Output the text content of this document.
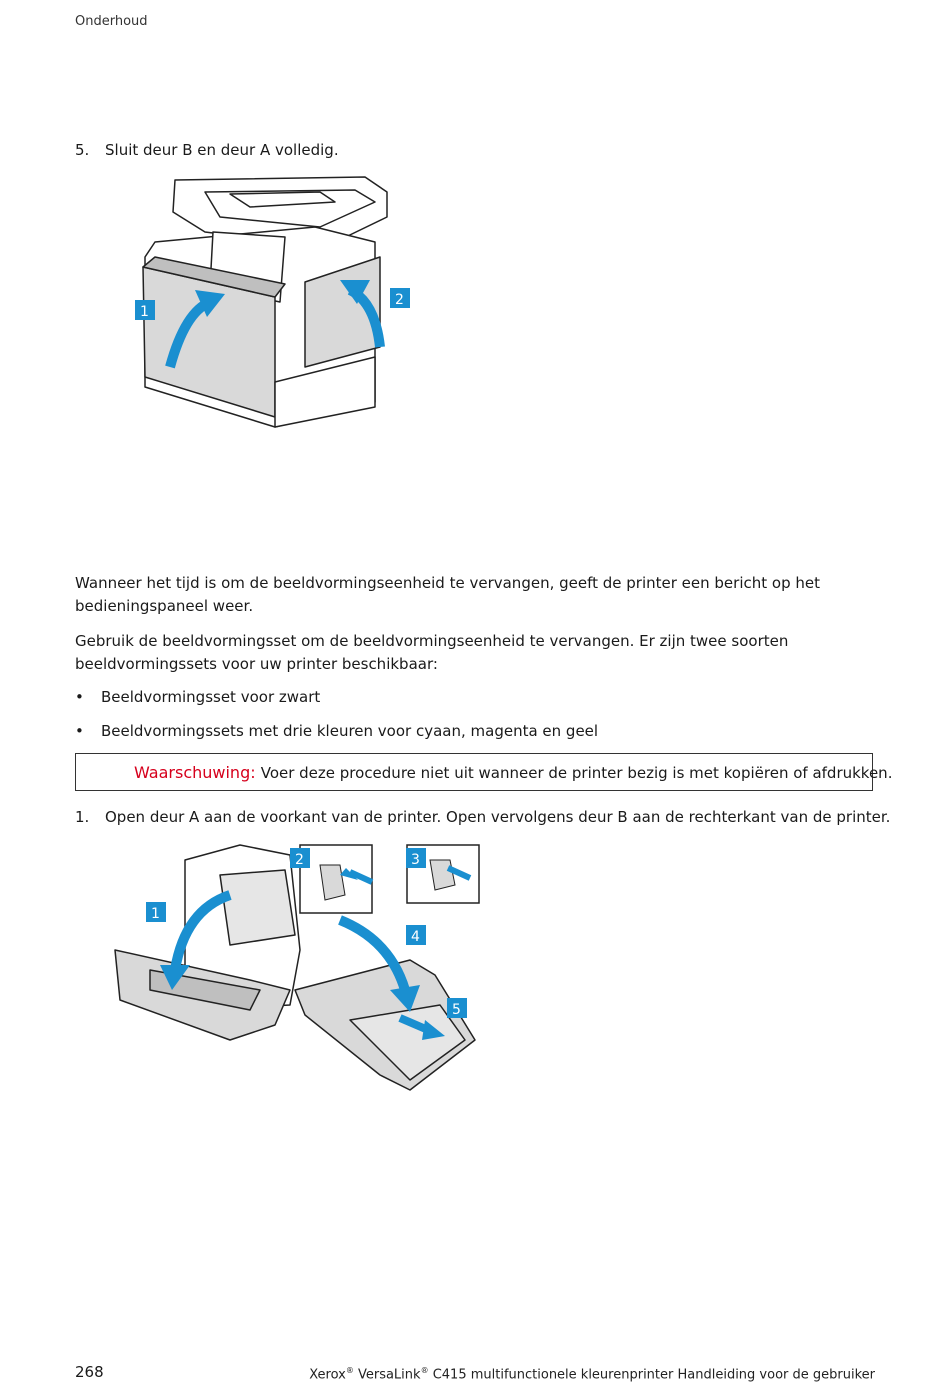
Onderhoud
5. Sluit deur B en deur A volledig.
1
2
Wanneer het tijd is om de beeldvormingseenheid te vervangen, geeft de printer een bericht op het bedieningspaneel weer.
Gebruik de beeldvormingsset om de beeldvormingseenheid te vervangen. Er zijn twee soorten beeldvormingssets voor uw printer beschikbaar:
• Beeldvormingsset voor zwart
• Beeldvormingssets met drie kleuren voor cyaan, magenta en geel
Waarschuwing: Voer deze procedure niet uit wanneer de printer bezig is met kopiëren of afdrukken.
1. Open deur A aan de voorkant van de printer. Open vervolgens deur B aan de rechterkant van de printer.
1
2	3
4
5
268	Xerox® VersaLink® C415 multifunctionele kleurenprinter Handleiding voor de gebruiker
